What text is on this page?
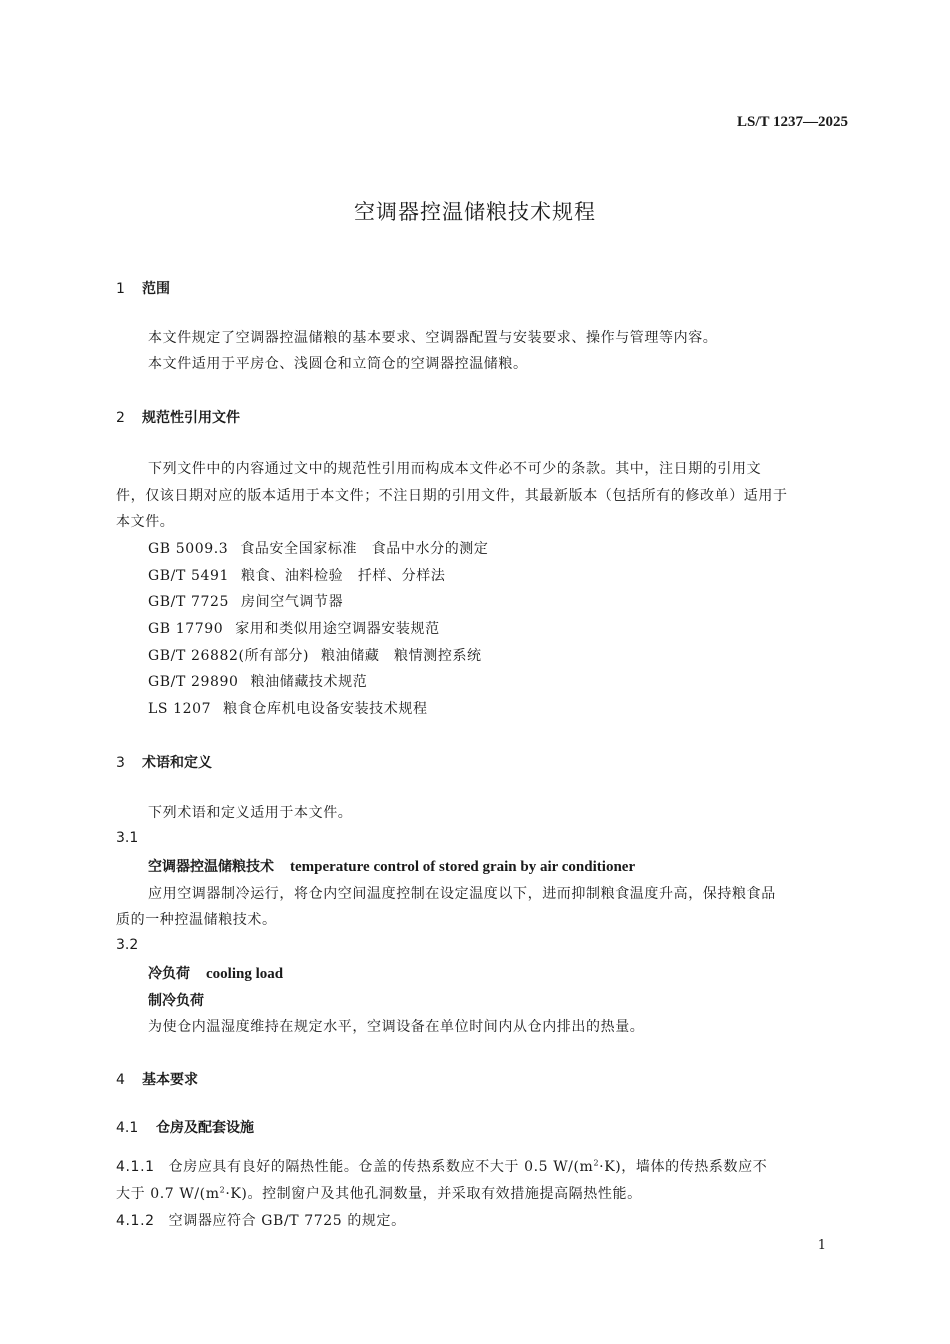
LS/T 1237—2025
空调器控温储粮技术规程
1 范围
本文件规定了空调器控温储粮的基本要求、空调器配置与安装要求、操作与管理等内容。
本文件适用于平房仓、浅圆仓和立筒仓的空调器控温储粮。
2 规范性引用文件
下列文件中的内容通过文中的规范性引用而构成本文件必不可少的条款。其中，注日期的引用文
件，仅该日期对应的版本适用于本文件；不注日期的引用文件，其最新版本（包括所有的修改单）适用于
本文件。
GB 5009.3 食品安全国家标准　食品中水分的测定
GB/T 5491 粮食、油料检验　扦样、分样法
GB/T 7725 房间空气调节器
GB 17790 家用和类似用途空调器安装规范
GB/T 26882(所有部分) 粮油储藏　粮情测控系统
GB/T 29890 粮油储藏技术规范
LS 1207 粮食仓库机电设备安装技术规程
3 术语和定义
下列术语和定义适用于本文件。
3.1
空调器控温储粮技术 temperature control of stored grain by air conditioner
应用空调器制冷运行，将仓内空间温度控制在设定温度以下，进而抑制粮食温度升高，保持粮食品
质的一种控温储粮技术。
3.2
冷负荷 cooling load
制冷负荷
为使仓内温湿度维持在规定水平，空调设备在单位时间内从仓内排出的热量。
4 基本要求
4.1 仓房及配套设施
4.1.1 仓房应具有良好的隔热性能。仓盖的传热系数应不大于 0.5 $W/(m^2\cdot K)$，墙体的传热系数应不
大于 0.7 $W/(m^2\cdot K)$。控制窗户及其他孔洞数量，并采取有效措施提高隔热性能。
4.1.2 空调器应符合 GB/T 7725 的规定。
1
